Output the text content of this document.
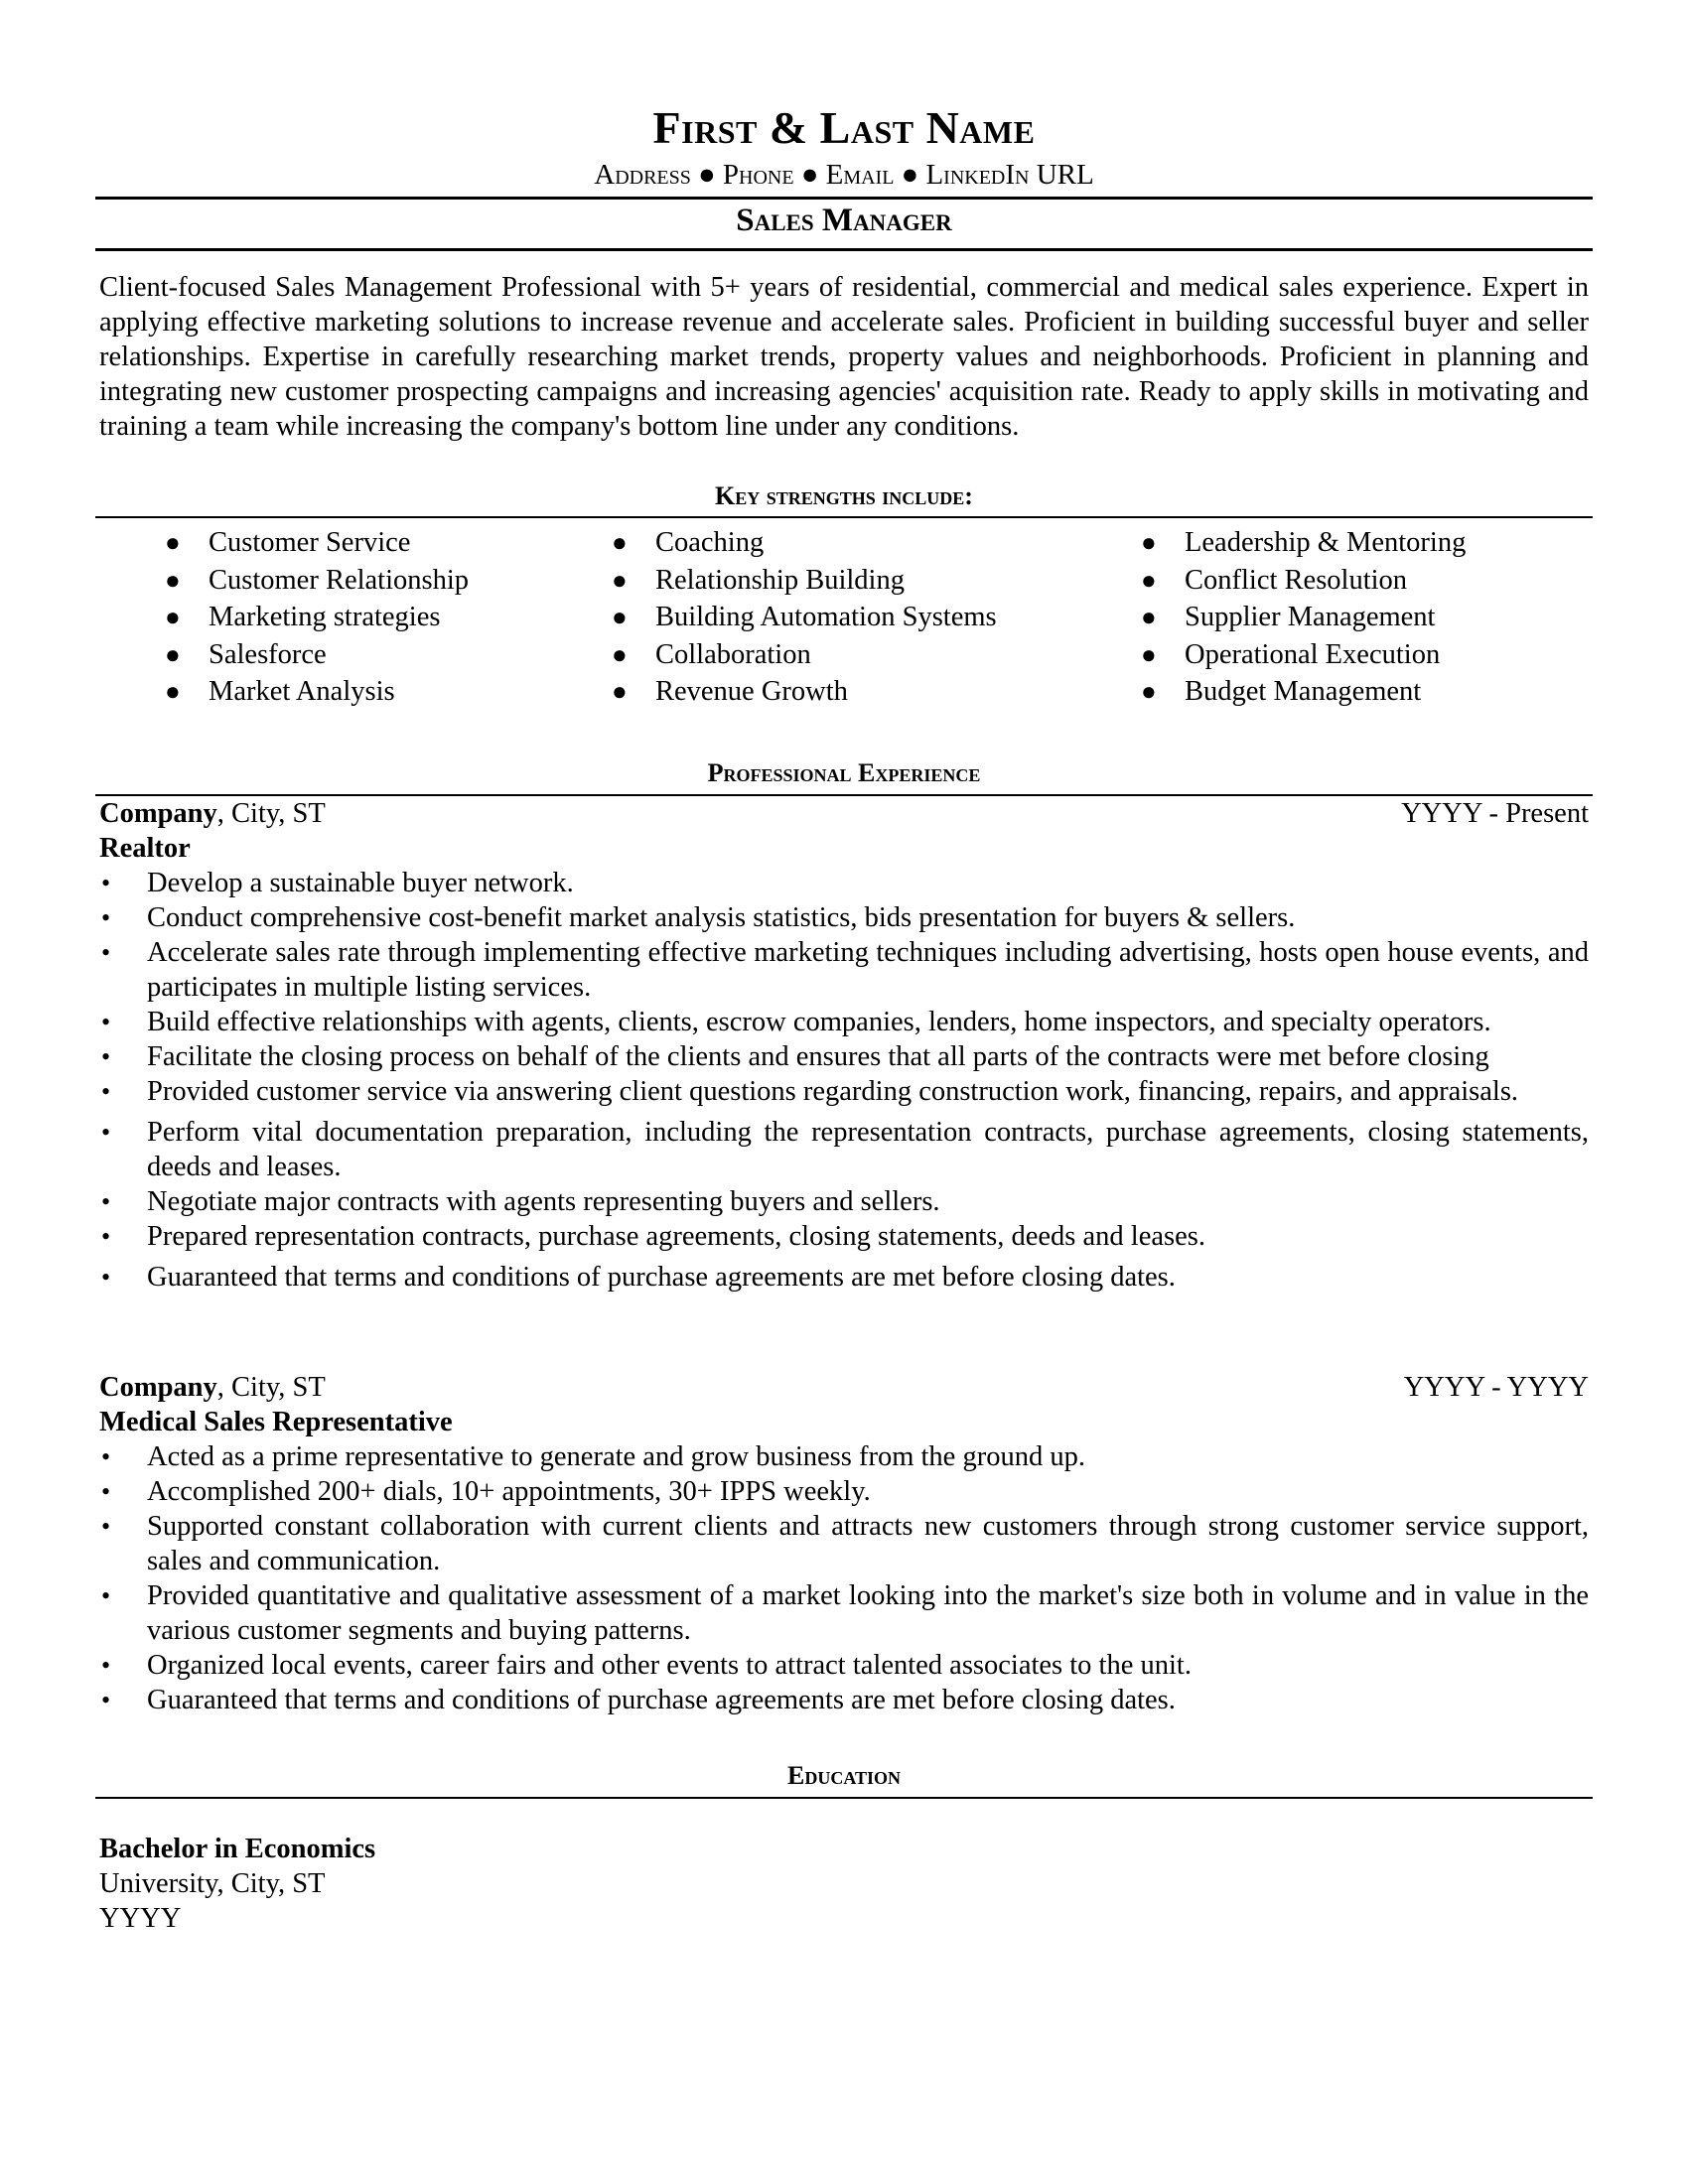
First & Last Name
Address ● Phone ● Email ● LinkedIn URL
Sales Manager
Client-focused Sales Management Professional with 5+ years of residential, commercial and medical sales experience. Expert in applying effective marketing solutions to increase revenue and accelerate sales. Proficient in building successful buyer and seller relationships. Expertise in carefully researching market trends, property values and neighborhoods. Proficient in planning and integrating new customer prospecting campaigns and increasing agencies' acquisition rate. Ready to apply skills in motivating and training a team while increasing the company's bottom line under any conditions.
Key strengths include:
● Customer Service
● Customer Relationship
● Marketing strategies
● Salesforce
● Market Analysis
● Coaching
● Relationship Building
● Building Automation Systems
● Collaboration
● Revenue Growth
● Leadership & Mentoring
● Conflict Resolution
● Supplier Management
● Operational Execution
● Budget Management
Professional Experience
Company, City, ST	YYYY - Present
Realtor
• Develop a sustainable buyer network.
• Conduct comprehensive cost-benefit market analysis statistics, bids presentation for buyers & sellers.
• Accelerate sales rate through implementing effective marketing techniques including advertising, hosts open house events, and participates in multiple listing services.
• Build effective relationships with agents, clients, escrow companies, lenders, home inspectors, and specialty operators.
• Facilitate the closing process on behalf of the clients and ensures that all parts of the contracts were met before closing
• Provided customer service via answering client questions regarding construction work, financing, repairs, and appraisals.
• Perform vital documentation preparation, including the representation contracts, purchase agreements, closing statements, deeds and leases.
• Negotiate major contracts with agents representing buyers and sellers.
• Prepared representation contracts, purchase agreements, closing statements, deeds and leases.
• Guaranteed that terms and conditions of purchase agreements are met before closing dates.
Company, City, ST	YYYY - YYYY
Medical Sales Representative
• Acted as a prime representative to generate and grow business from the ground up.
• Accomplished 200+ dials, 10+ appointments, 30+ IPPS weekly.
• Supported constant collaboration with current clients and attracts new customers through strong customer service support, sales and communication.
• Provided quantitative and qualitative assessment of a market looking into the market's size both in volume and in value in the various customer segments and buying patterns.
• Organized local events, career fairs and other events to attract talented associates to the unit.
• Guaranteed that terms and conditions of purchase agreements are met before closing dates.
Education
Bachelor in Economics
University, City, ST
YYYY
